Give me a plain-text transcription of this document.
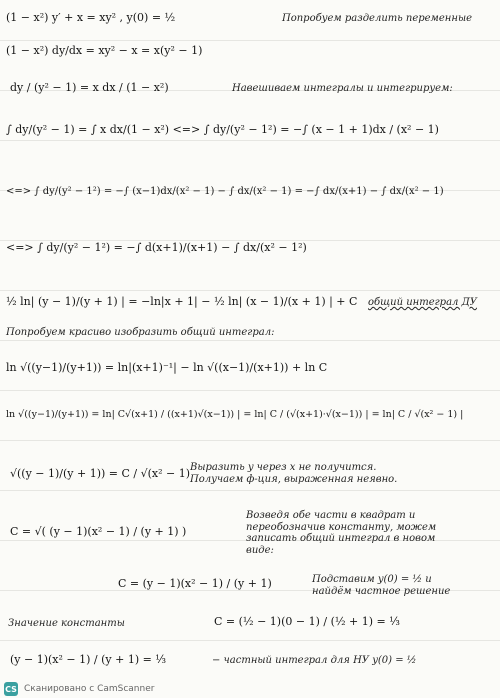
(1 − x²) y′ + x = xy² , y(0) = ½	Попробуем разделить переменные
(1 − x²) dy/dx = xy² − x = x(y² − 1)
dy / (y² − 1) = x dx / (1 − x²)	Навешиваем интегралы и интегрируем:
∫ dy/(y² − 1) = ∫ x dx/(1 − x²) <=> ∫ dy/(y² − 1²) = −∫ (x − 1 + 1)dx / (x² − 1)
<=> ∫ dy/(y² − 1²) = −∫ (x−1)dx/(x² − 1) − ∫ dx/(x² − 1) = −∫ dx/(x+1) − ∫ dx/(x² − 1)
<=> ∫ dy/(y² − 1²) = −∫ d(x+1)/(x+1) − ∫ dx/(x² − 1²)
½ ln| (y − 1)/(y + 1) | = −ln|x + 1| − ½ ln| (x − 1)/(x + 1) | + C общий интеграл ДУ
Попробуем красиво изобразить общий интеграл:
ln √((y−1)/(y+1)) = ln|(x+1)⁻¹| − ln √((x−1)/(x+1)) + ln C
ln √((y−1)/(y+1)) = ln| C√(x+1) / ((x+1)√(x−1)) | = ln| C / (√(x+1)·√(x−1)) | = ln| C / √(x² − 1) |
√((y − 1)/(y + 1)) = C / √(x² − 1) Выразить y через x не получится. Получаем ф-ция, выраженная неявно.
C = √( (y − 1)(x² − 1) / (y + 1) )
Возведя обе части в квадрат и переобозначив константу, можем записать общий интеграл в новом виде:
C = (y − 1)(x² − 1) / (y + 1)	Подставим y(0) = ½ и найдём частное решение
Значение константы	C = (½ − 1)(0 − 1) / (½ + 1) = ⅓
(y − 1)(x² − 1) / (y + 1) = ⅓	− частный интеграл для НУ y(0) = ½
CS Сканировано с CamScanner
